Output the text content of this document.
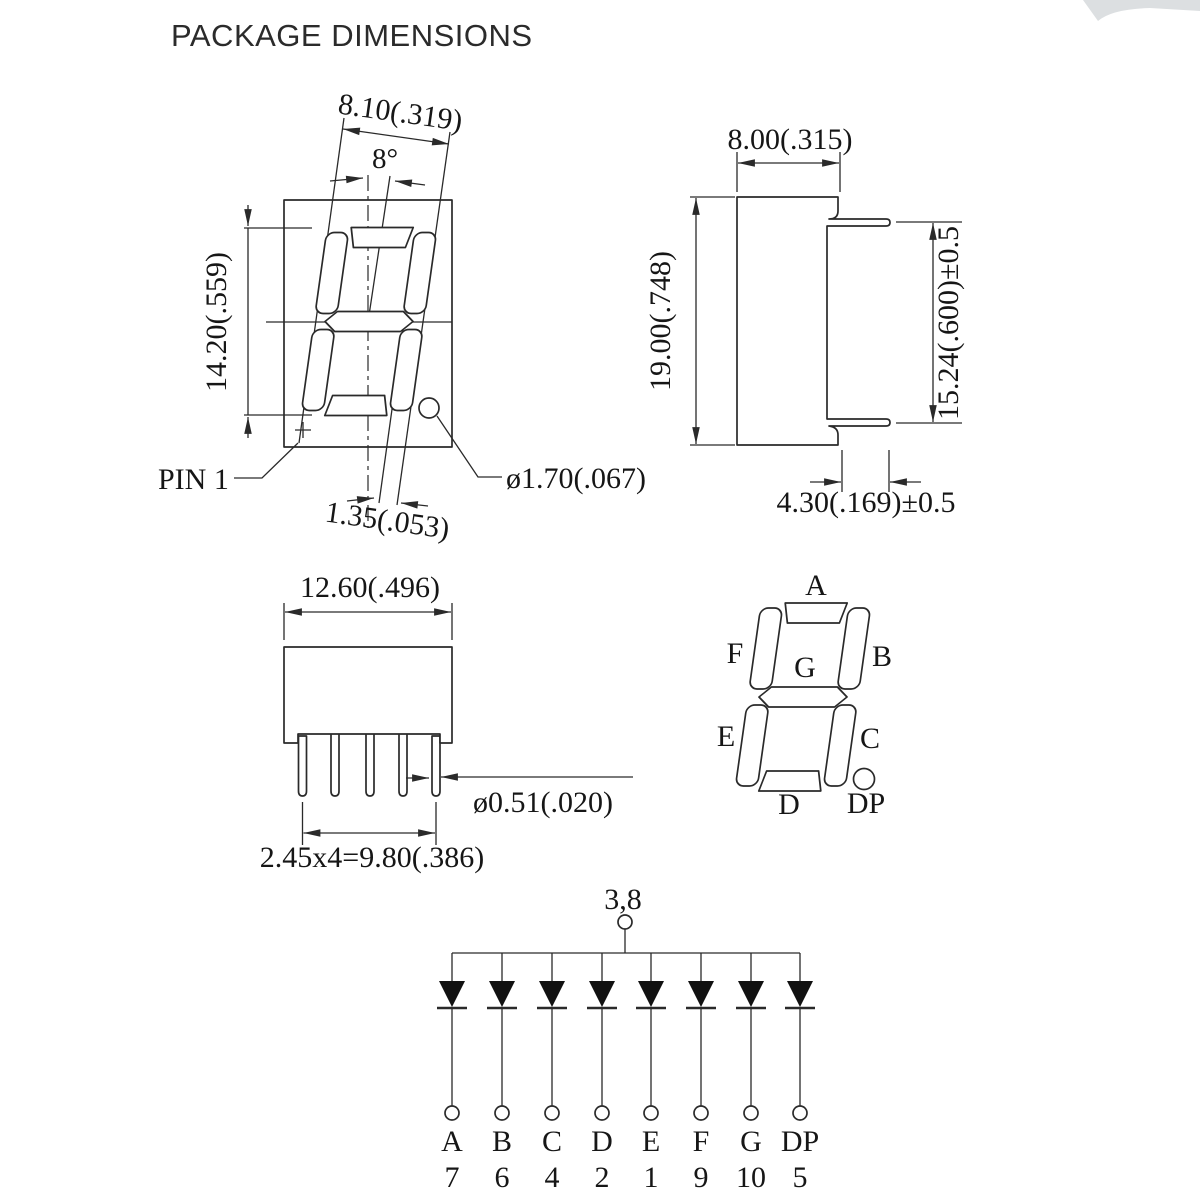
PACKAGE DIMENSIONS
8.10(.319)
8°
14.20(.559)
PIN 1	ø1.70(.067)
1.35(.053)
8.00(.315)
19.00(.748)	15.24(.600)±0.5
4.30(.169)±0.5
12.60(.496)
ø0.51(.020)
2.45x4=9.80(.386)
A
B
C
D
E
F G
DP
3,8
A
7
B
6
C
4
D
2
E
1
F
9
G
10
DP
5
